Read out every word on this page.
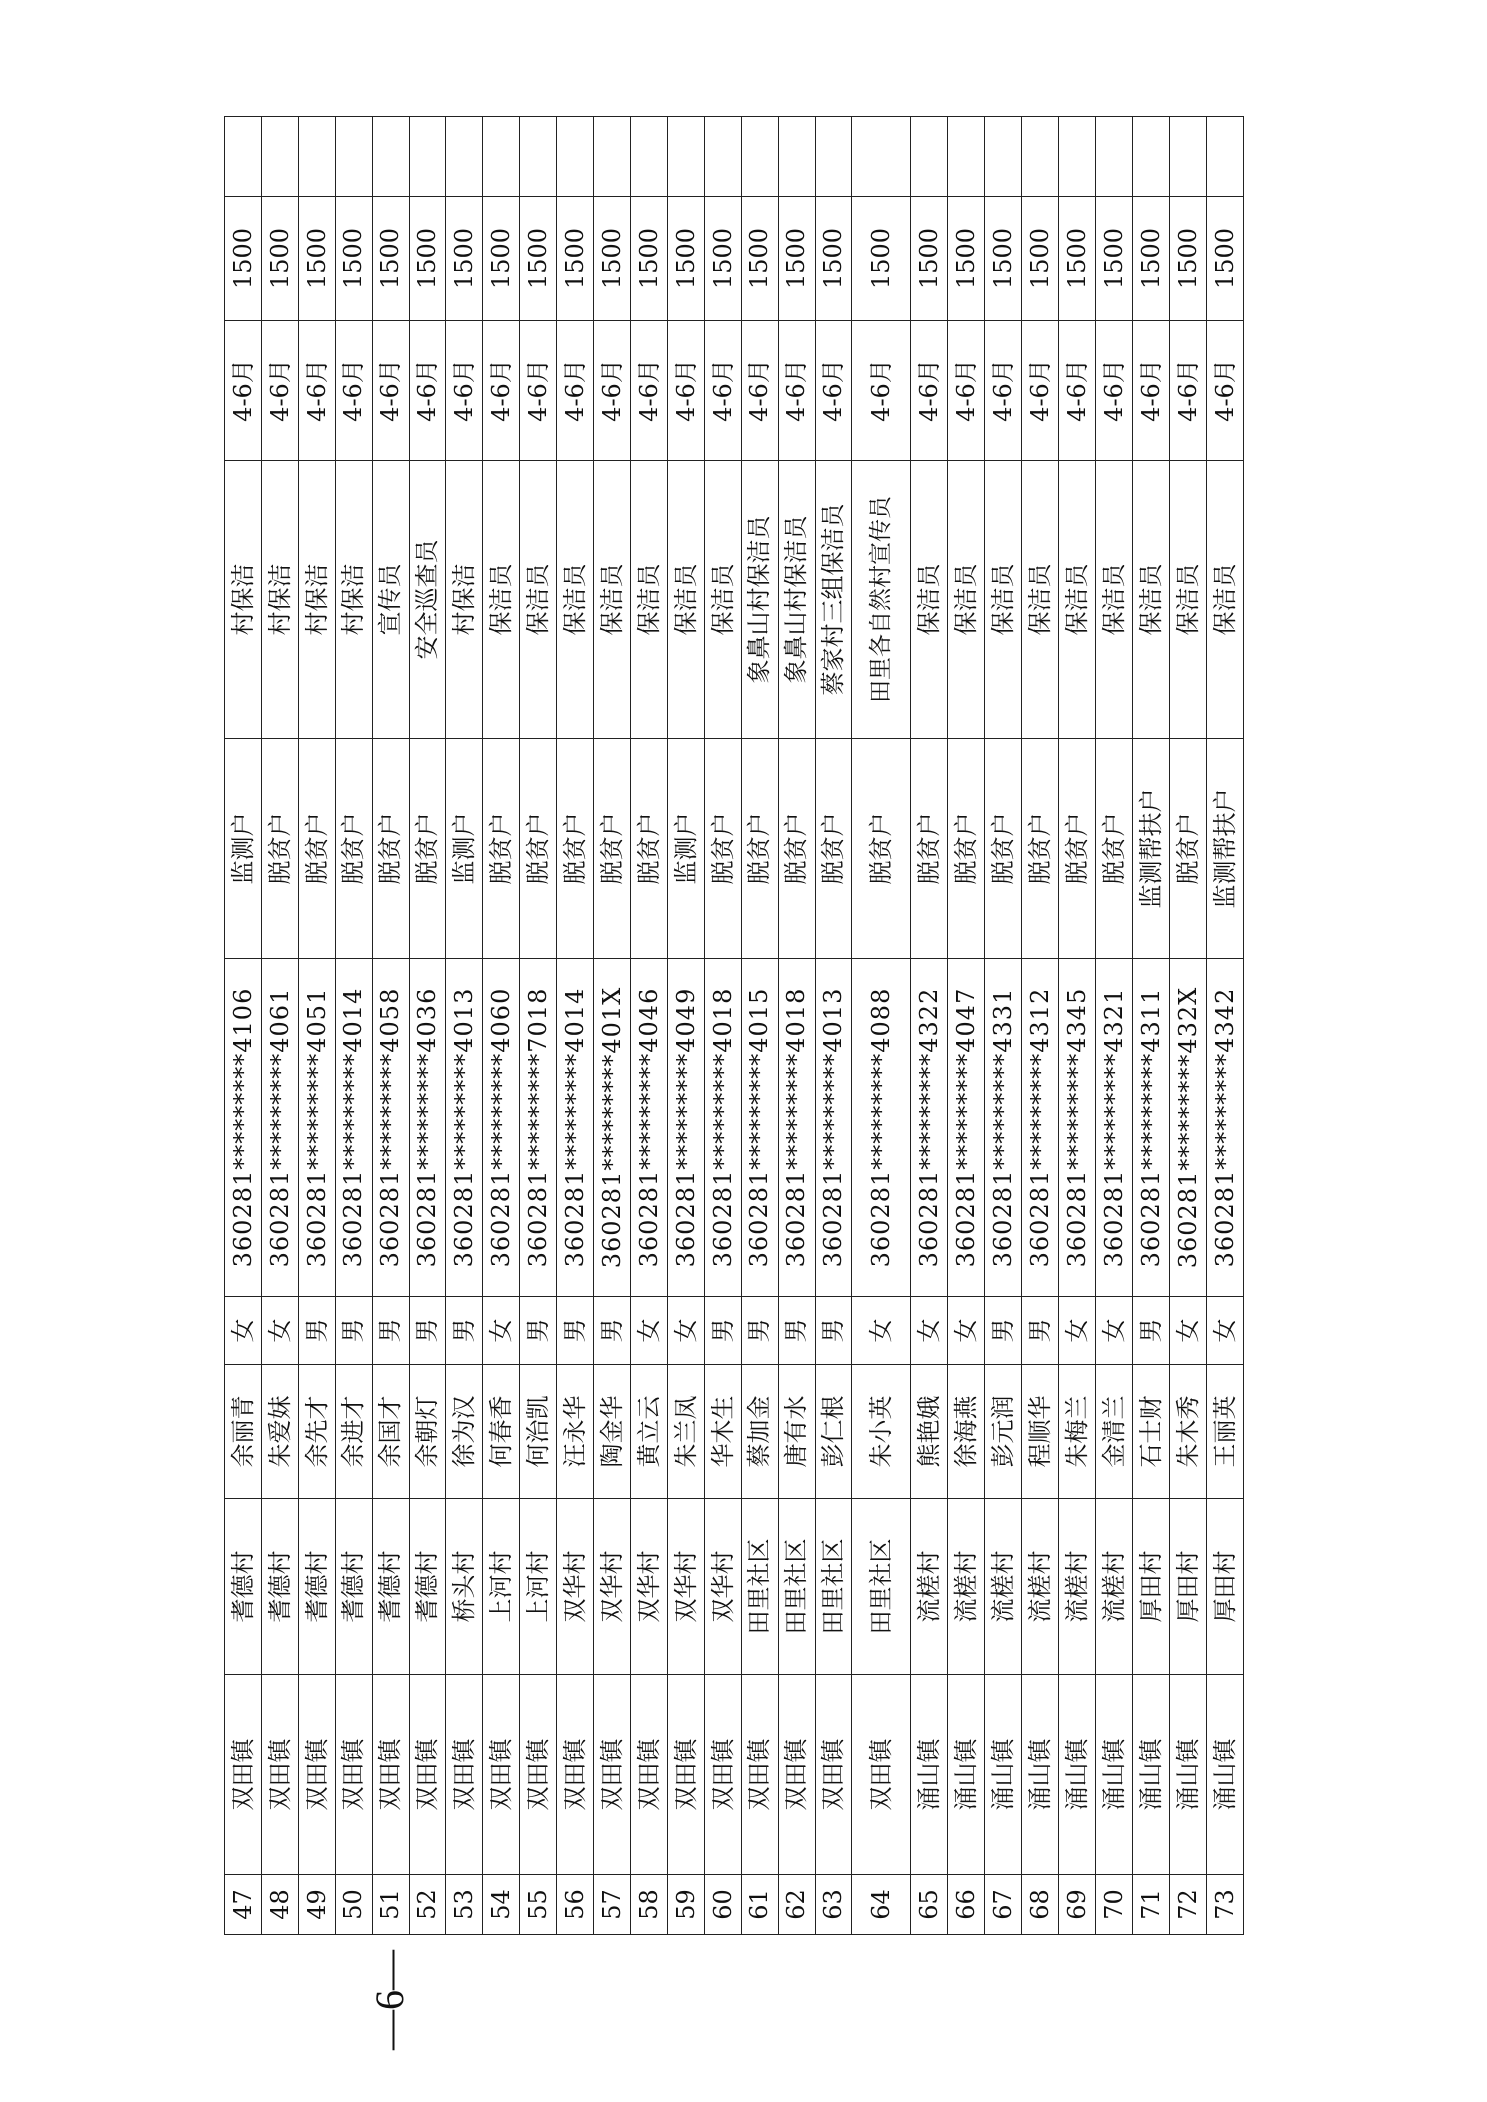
47	双田镇	耆德村	余丽青	女	360281*********4106	监测户	村保洁	4-6月	1500	
48	双田镇	耆德村	朱爱妹	女	360281*********4061	脱贫户	村保洁	4-6月	1500	
49	双田镇	耆德村	余先才	男	360281*********4051	脱贫户	村保洁	4-6月	1500	
50	双田镇	耆德村	余进才	男	360281*********4014	脱贫户	村保洁	4-6月	1500	
51	双田镇	耆德村	余国才	男	360281*********4058	脱贫户	宣传员	4-6月	1500	
52	双田镇	耆德村	余朝灯	男	360281*********4036	脱贫户	安全巡查员	4-6月	1500	
53	双田镇	桥头村	徐为汉	男	360281*********4013	监测户	村保洁	4-6月	1500	
54	双田镇	上河村	何春香	女	360281*********4060	脱贫户	保洁员	4-6月	1500	
55	双田镇	上河村	何治凯	男	360281*********7018	脱贫户	保洁员	4-6月	1500	
56	双田镇	双华村	汪永华	男	360281*********4014	脱贫户	保洁员	4-6月	1500	
57	双田镇	双华村	陶金华	男	360281*********401X	脱贫户	保洁员	4-6月	1500	
58	双田镇	双华村	黄立云	女	360281*********4046	脱贫户	保洁员	4-6月	1500	
59	双田镇	双华村	朱兰凤	女	360281*********4049	监测户	保洁员	4-6月	1500	
60	双田镇	双华村	华木生	男	360281*********4018	脱贫户	保洁员	4-6月	1500	
61	双田镇	田里社区	蔡加金	男	360281*********4015	脱贫户	象鼻山村保洁员	4-6月	1500	
62	双田镇	田里社区	唐有水	男	360281*********4018	脱贫户	象鼻山村保洁员	4-6月	1500	
63	双田镇	田里社区	彭仁根	男	360281*********4013	脱贫户	蔡家村三组保洁员	4-6月	1500	
64	双田镇	田里社区	朱小英	女	360281*********4088	脱贫户	田里各自然村宣传员	4-6月	1500	
65	涌山镇	流槎村	熊艳娥	女	360281*********4322	脱贫户	保洁员	4-6月	1500	
66	涌山镇	流槎村	徐海燕	女	360281*********4047	脱贫户	保洁员	4-6月	1500	
67	涌山镇	流槎村	彭元润	男	360281*********4331	脱贫户	保洁员	4-6月	1500	
68	涌山镇	流槎村	程顺华	男	360281*********4312	脱贫户	保洁员	4-6月	1500	
69	涌山镇	流槎村	朱梅兰	女	360281*********4345	脱贫户	保洁员	4-6月	1500	
70	涌山镇	流槎村	金清兰	女	360281*********4321	脱贫户	保洁员	4-6月	1500	
71	涌山镇	厚田村	石士财	男	360281*********4311	监测帮扶户	保洁员	4-6月	1500	
72	涌山镇	厚田村	朱木秀	女	360281*********432X	脱贫户	保洁员	4-6月	1500	
73	涌山镇	厚田村	王丽英	女	360281*********4342	监测帮扶户	保洁员	4-6月	1500	
—6—
